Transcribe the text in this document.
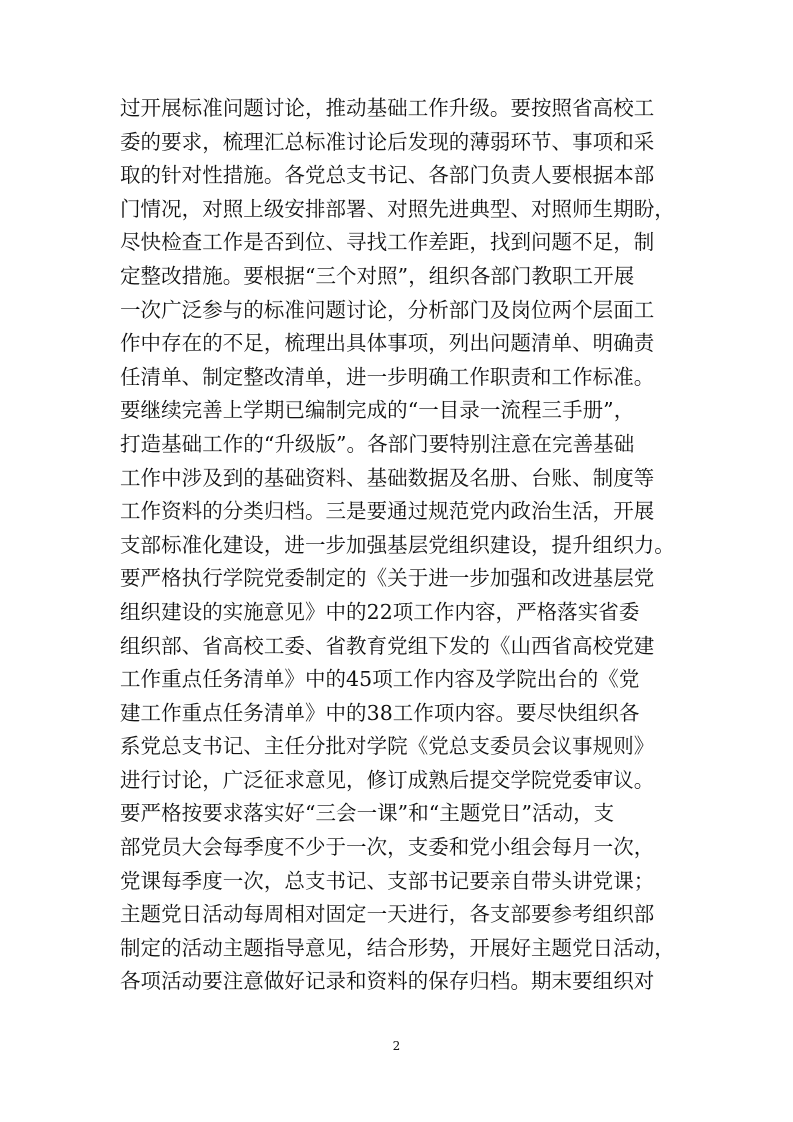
过开展标准问题讨论，推动基础工作升级。要按照省高校工
委的要求，梳理汇总标准讨论后发现的薄弱环节、事项和采
取的针对性措施。各党总支书记、各部门负责人要根据本部
门情况，对照上级安排部署、对照先进典型、对照师生期盼，
尽快检查工作是否到位、寻找工作差距，找到问题不足，制
定整改措施。要根据“三个对照”，组织各部门教职工开展
一次广泛参与的标准问题讨论，分析部门及岗位两个层面工
作中存在的不足，梳理出具体事项，列出问题清单、明确责
任清单、制定整改清单，进一步明确工作职责和工作标准。
要继续完善上学期已编制完成的“一目录一流程三手册”，
打造基础工作的“升级版”。各部门要特别注意在完善基础
工作中涉及到的基础资料、基础数据及名册、台账、制度等
工作资料的分类归档。三是要通过规范党内政治生活，开展
支部标准化建设，进一步加强基层党组织建设，提升组织力。
要严格执行学院党委制定的《关于进一步加强和改进基层党
组织建设的实施意见》中的22项工作内容，严格落实省委
组织部、省高校工委、省教育党组下发的《山西省高校党建
工作重点任务清单》中的45项工作内容及学院出台的《党
建工作重点任务清单》中的38工作项内容。要尽快组织各
系党总支书记、主任分批对学院《党总支委员会议事规则》
进行讨论，广泛征求意见，修订成熟后提交学院党委审议。
要严格按要求落实好“三会一课”和“主题党日”活动，支
部党员大会每季度不少于一次，支委和党小组会每月一次，
党课每季度一次，总支书记、支部书记要亲自带头讲党课；
主题党日活动每周相对固定一天进行，各支部要参考组织部
制定的活动主题指导意见，结合形势，开展好主题党日活动，
各项活动要注意做好记录和资料的保存归档。期末要组织对
2
